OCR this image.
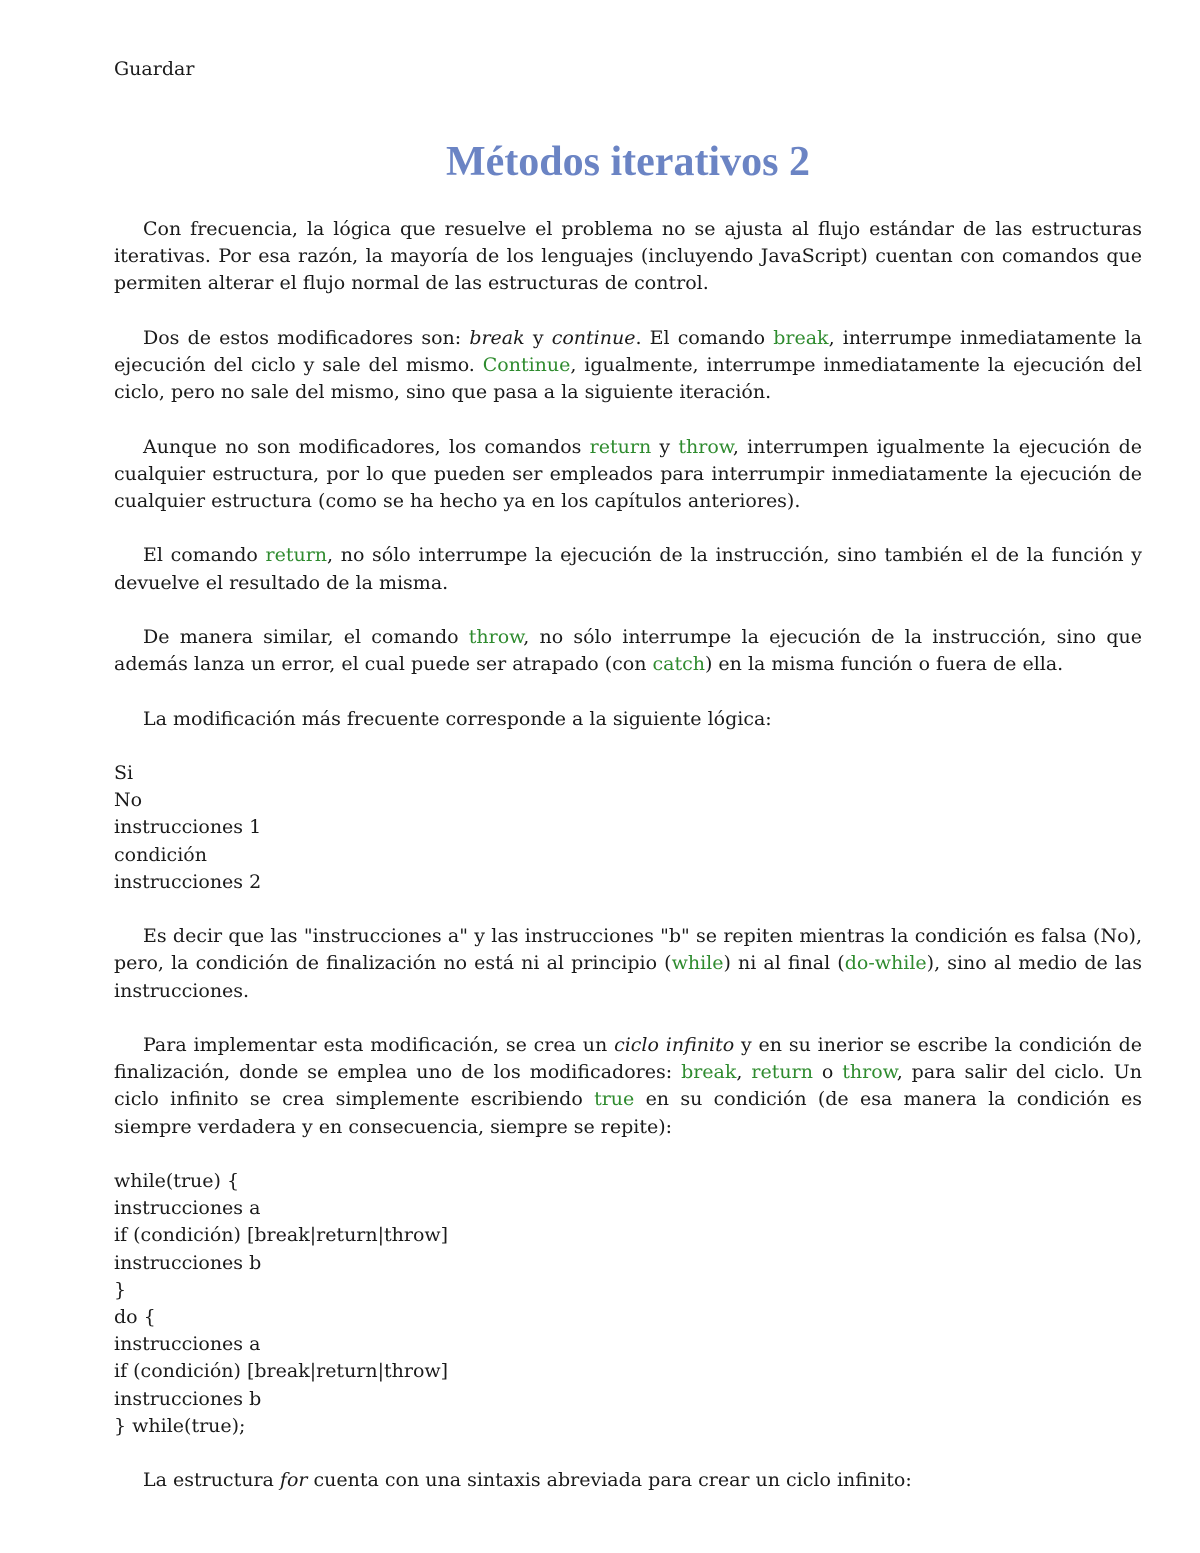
Guardar
Métodos iterativos 2

Con frecuencia, la lógica que resuelve el problema no se ajusta al flujo estándar de las estructuras iterativas. Por esa razón, la mayoría de los lenguajes (incluyendo JavaScript) cuentan con comandos que permiten alterar el flujo normal de las estructuras de control.

Dos de estos modificadores son: break y continue. El comando break, interrumpe inmediatamente la ejecución del ciclo y sale del mismo. Continue, igualmente, interrumpe inmediatamente la ejecución del ciclo, pero no sale del mismo, sino que pasa a la siguiente iteración.

Aunque no son modificadores, los comandos return y throw, interrumpen igualmente la ejecución de cualquier estructura, por lo que pueden ser empleados para interrumpir inmediatamente la ejecución de cualquier estructura (como se ha hecho ya en los capítulos anteriores).

El comando return, no sólo interrumpe la ejecución de la instrucción, sino también el de la función y devuelve el resultado de la misma.

De manera similar, el comando throw, no sólo interrumpe la ejecución de la instrucción, sino que además lanza un error, el cual puede ser atrapado (con catch) en la misma función o fuera de ella.

La modificación más frecuente corresponde a la siguiente lógica:

Si
No
instrucciones 1
condición
instrucciones 2

Es decir que las "instrucciones a" y las instrucciones "b" se repiten mientras la condición es falsa (No), pero, la condición de finalización no está ni al principio (while) ni al final (do-while), sino al medio de las instrucciones.

Para implementar esta modificación, se crea un ciclo infinito y en su inerior se escribe la condición de finalización, donde se emplea uno de los modificadores: break, return o throw, para salir del ciclo. Un ciclo infinito se crea simplemente escribiendo true en su condición (de esa manera la condición es siempre verdadera y en consecuencia, siempre se repite):

while(true) {
instrucciones a
if (condición) [break|return|throw]
instrucciones b
}
do {
instrucciones a
if (condición) [break|return|throw]
instrucciones b
} while(true);

La estructura for cuenta con una sintaxis abreviada para crear un ciclo infinito:
